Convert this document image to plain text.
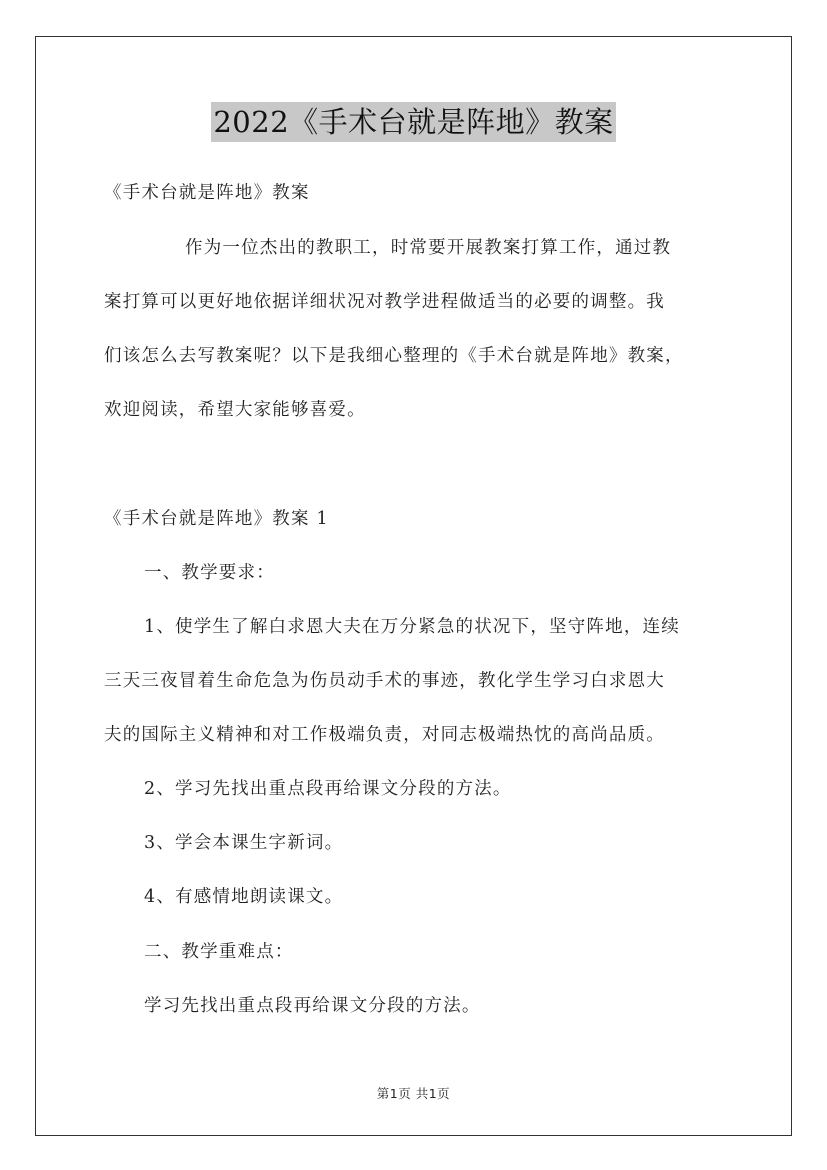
2022《手术台就是阵地》教案
《手术台就是阵地》教案
作为一位杰出的教职工，时常要开展教案打算工作，通过教
案打算可以更好地依据详细状况对教学进程做适当的必要的调整。我
们该怎么去写教案呢？以下是我细心整理的《手术台就是阵地》教案，
欢迎阅读，希望大家能够喜爱。
《手术台就是阵地》教案 1
一、教学要求：
1、使学生了解白求恩大夫在万分紧急的状况下，坚守阵地，连续
三天三夜冒着生命危急为伤员动手术的事迹，教化学生学习白求恩大
夫的国际主义精神和对工作极端负责，对同志极端热忱的高尚品质。
2、学习先找出重点段再给课文分段的方法。
3、学会本课生字新词。
4、有感情地朗读课文。
二、教学重难点：
学习先找出重点段再给课文分段的方法。
第1页 共1页
